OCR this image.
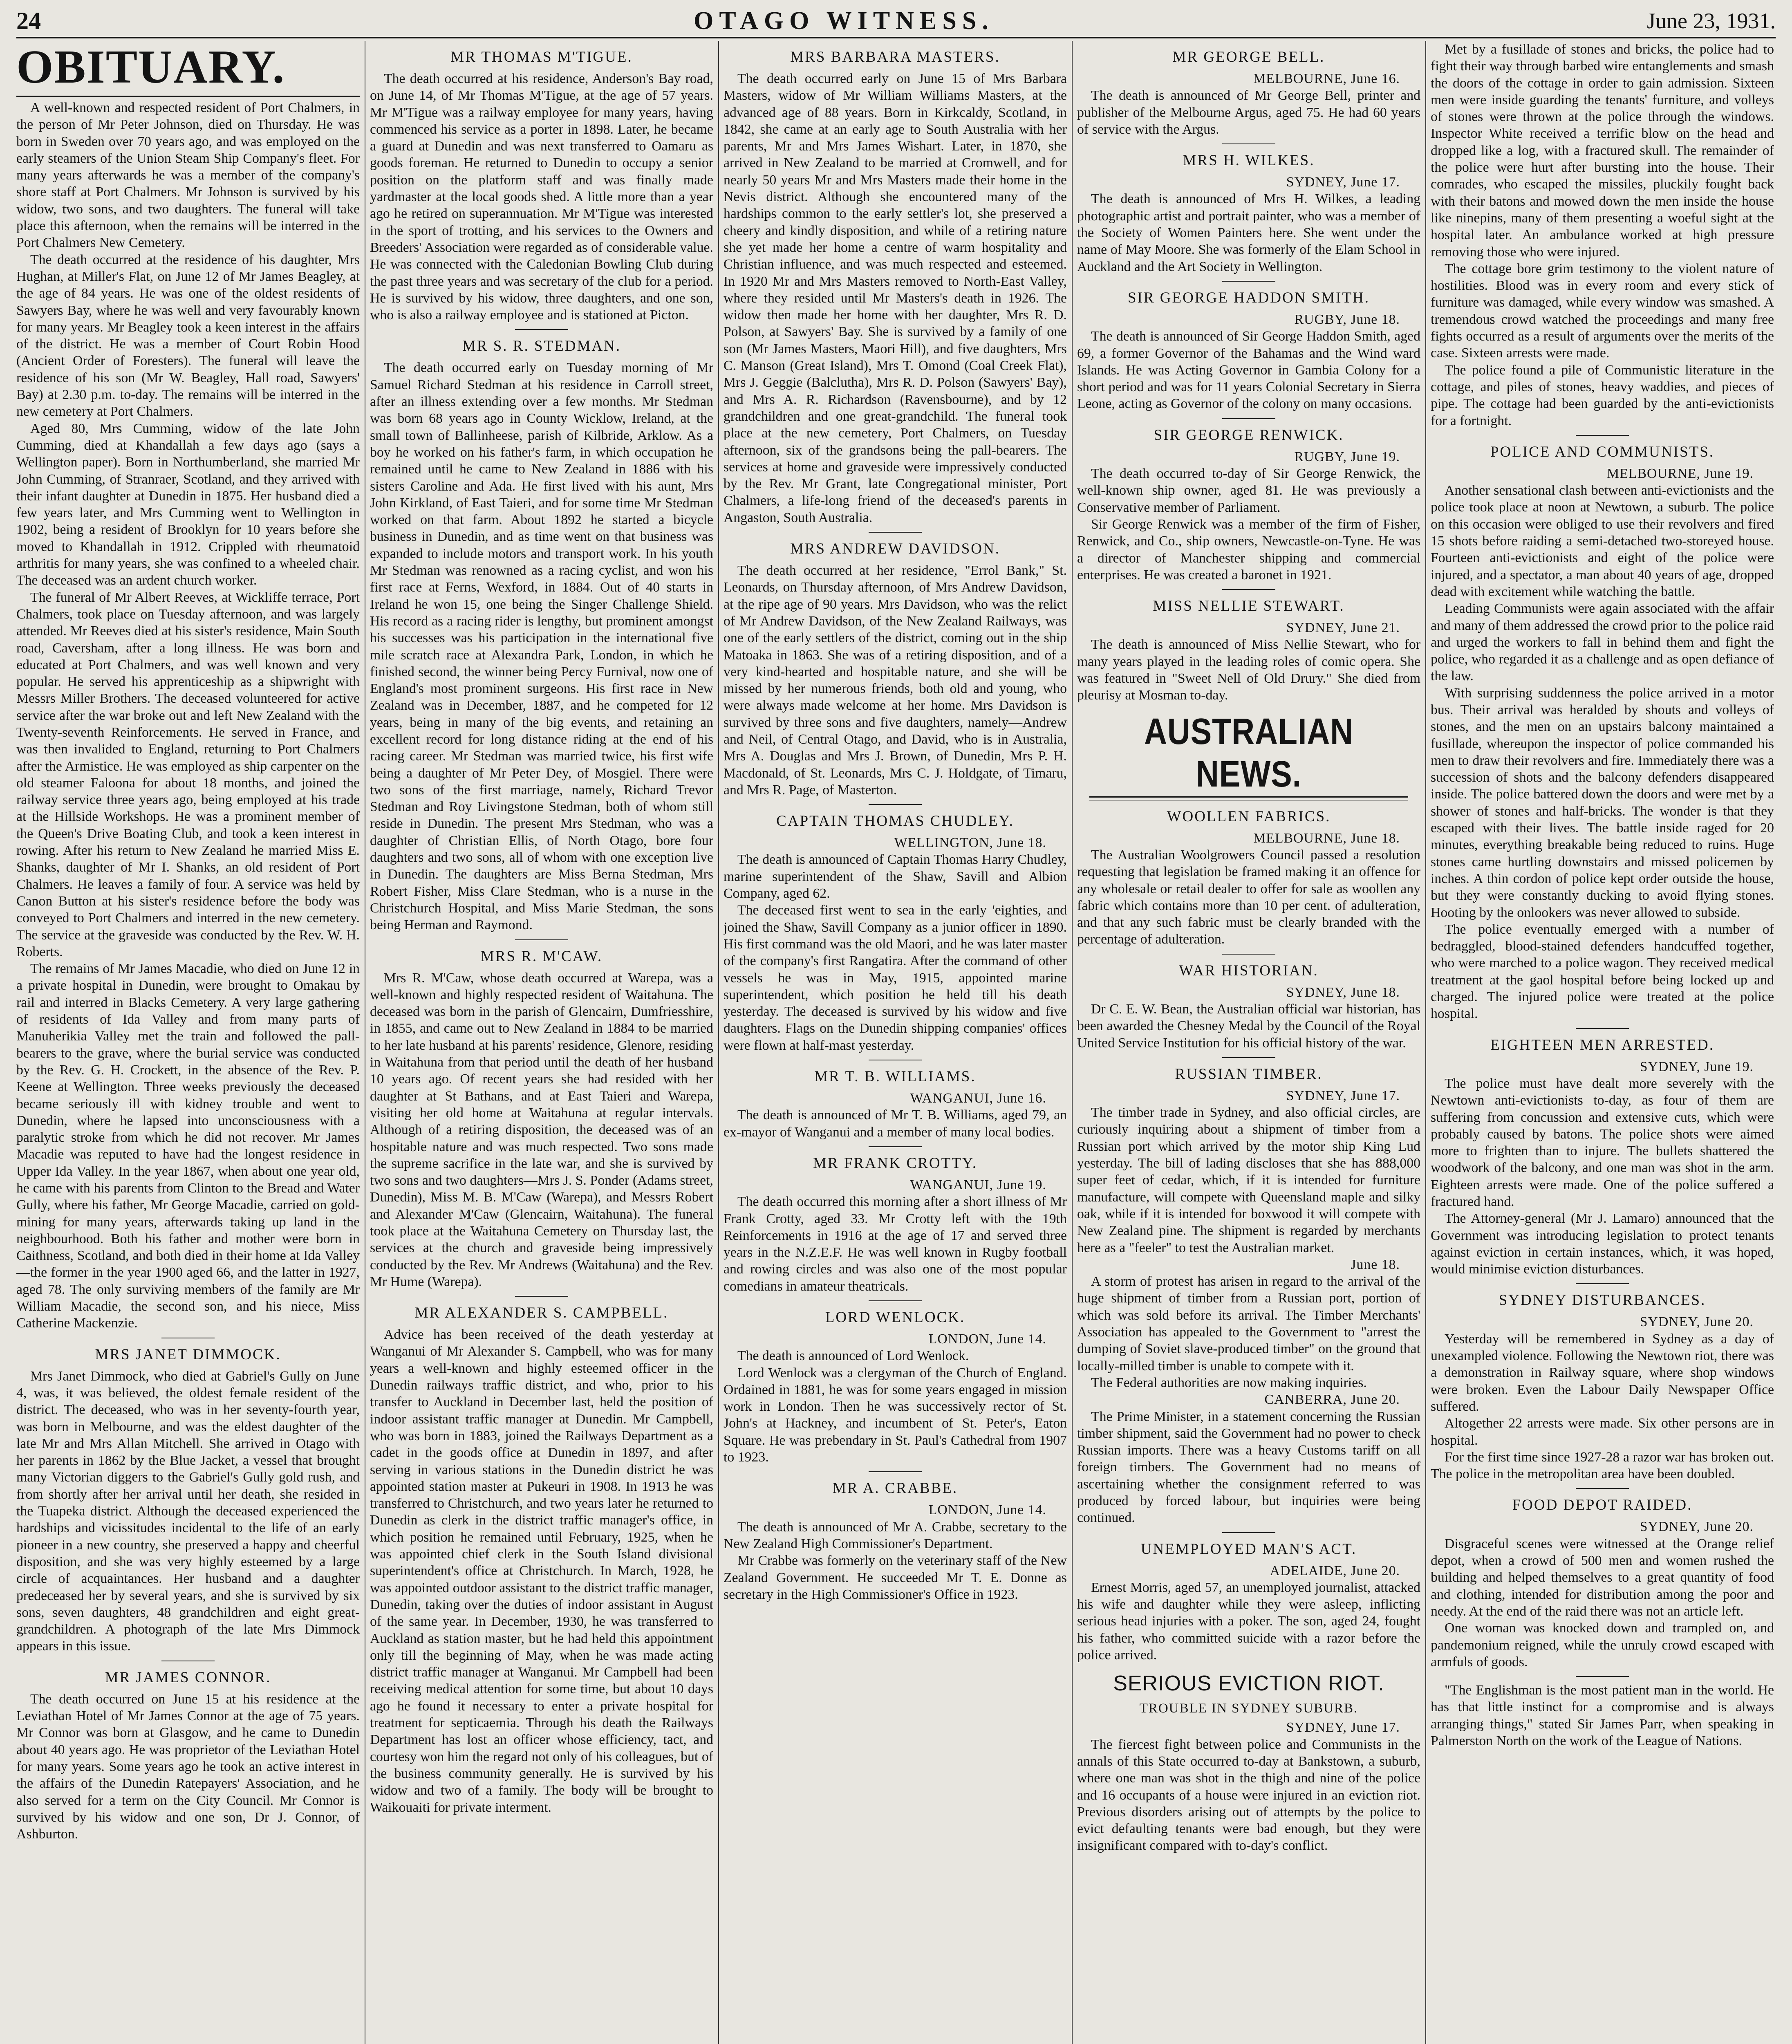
24	OTAGO WITNESS.	June 23, 1931.
OBITUARY.

A well-known and respected resident of Port Chalmers, in the person of Mr Peter Johnson, died on Thursday. He was born in Sweden over 70 years ago, and was employed on the early steamers of the Union Steam Ship Company's fleet. For many years afterwards he was a member of the company's shore staff at Port Chalmers. Mr Johnson is survived by his widow, two sons, and two daughters. The funeral will take place this afternoon, when the remains will be interred in the Port Chalmers New Cemetery.

The death occurred at the residence of his daughter, Mrs Hughan, at Miller's Flat, on June 12 of Mr James Beagley, at the age of 84 years. He was one of the oldest residents of Sawyers Bay, where he was well and very favourably known for many years. Mr Beagley took a keen interest in the affairs of the district. He was a member of Court Robin Hood (Ancient Order of Foresters). The funeral will leave the residence of his son (Mr W. Beagley, Hall road, Sawyers' Bay) at 2.30 p.m. to-day. The remains will be interred in the new cemetery at Port Chalmers.

Aged 80, Mrs Cumming, widow of the late John Cumming, died at Khandallah a few days ago (says a Wellington paper). Born in Northumberland, she married Mr John Cumming, of Stranraer, Scotland, and they arrived with their infant daughter at Dunedin in 1875. Her husband died a few years later, and Mrs Cumming went to Wellington in 1902, being a resident of Brooklyn for 10 years before she moved to Khandallah in 1912. Crippled with rheumatoid arthritis for many years, she was confined to a wheeled chair. The deceased was an ardent church worker.

The funeral of Mr Albert Reeves, at Wickliffe terrace, Port Chalmers, took place on Tuesday afternoon, and was largely attended. Mr Reeves died at his sister's residence, Main South road, Caversham, after a long illness. He was born and educated at Port Chalmers, and was well known and very popular. He served his apprenticeship as a shipwright with Messrs Miller Brothers. The deceased volunteered for active service after the war broke out and left New Zealand with the Twenty-seventh Reinforcements. He served in France, and was then invalided to England, returning to Port Chalmers after the Armistice. He was employed as ship carpenter on the old steamer Faloona for about 18 months, and joined the railway service three years ago, being employed at his trade at the Hillside Workshops. He was a prominent member of the Queen's Drive Boating Club, and took a keen interest in rowing. After his return to New Zealand he married Miss E. Shanks, daughter of Mr I. Shanks, an old resident of Port Chalmers. He leaves a family of four. A service was held by Canon Button at his sister's residence before the body was conveyed to Port Chalmers and interred in the new cemetery. The service at the graveside was conducted by the Rev. W. H. Roberts.

The remains of Mr James Macadie, who died on June 12 in a private hospital in Dunedin, were brought to Omakau by rail and interred in Blacks Cemetery. A very large gathering of residents of Ida Valley and from many parts of Manuherikia Valley met the train and followed the pall-bearers to the grave, where the burial service was conducted by the Rev. G. H. Crockett, in the absence of the Rev. P. Keene at Wellington. Three weeks previously the deceased became seriously ill with kidney trouble and went to Dunedin, where he lapsed into unconsciousness with a paralytic stroke from which he did not recover. Mr James Macadie was reputed to have had the longest residence in Upper Ida Valley. In the year 1867, when about one year old, he came with his parents from Clinton to the Bread and Water Gully, where his father, Mr George Macadie, carried on gold-mining for many years, afterwards taking up land in the neighbourhood. Both his father and mother were born in Caithness, Scotland, and both died in their home at Ida Valley—the former in the year 1900 aged 66, and the latter in 1927, aged 78. The only surviving members of the family are Mr William Macadie, the second son, and his niece, Miss Catherine Mackenzie.

MRS JANET DIMMOCK.

Mrs Janet Dimmock, who died at Gabriel's Gully on June 4, was, it was believed, the oldest female resident of the district. The deceased, who was in her seventy-fourth year, was born in Melbourne, and was the eldest daughter of the late Mr and Mrs Allan Mitchell. She arrived in Otago with her parents in 1862 by the Blue Jacket, a vessel that brought many Victorian diggers to the Gabriel's Gully gold rush, and from shortly after her arrival until her death, she resided in the Tuapeka district. Although the deceased experienced the hardships and vicissitudes incidental to the life of an early pioneer in a new country, she preserved a happy and cheerful disposition, and she was very highly esteemed by a large circle of acquaintances. Her husband and a daughter predeceased her by several years, and she is survived by six sons, seven daughters, 48 grandchildren and eight great-grandchildren. A photograph of the late Mrs Dimmock appears in this issue.

MR JAMES CONNOR.

The death occurred on June 15 at his residence at the Leviathan Hotel of Mr James Connor at the age of 75 years. Mr Connor was born at Glasgow, and he came to Dunedin about 40 years ago. He was proprietor of the Leviathan Hotel for many years. Some years ago he took an active interest in the affairs of the Dunedin Ratepayers' Association, and he also served for a term on the City Council. Mr Connor is survived by his widow and one son, Dr J. Connor, of Ashburton.

MR THOMAS M'TIGUE.

The death occurred at his residence, Anderson's Bay road, on June 14, of Mr Thomas M'Tigue, at the age of 57 years. Mr M'Tigue was a railway employee for many years, having commenced his service as a porter in 1898. Later, he became a guard at Dunedin and was next transferred to Oamaru as goods foreman. He returned to Dunedin to occupy a senior position on the platform staff and was finally made yardmaster at the local goods shed. A little more than a year ago he retired on superannuation. Mr M'Tigue was interested in the sport of trotting, and his services to the Owners and Breeders' Association were regarded as of considerable value. He was connected with the Caledonian Bowling Club during the past three years and was secretary of the club for a period. He is survived by his widow, three daughters, and one son, who is also a railway employee and is stationed at Picton.

MR S. R. STEDMAN.

The death occurred early on Tuesday morning of Mr Samuel Richard Stedman at his residence in Carroll street, after an illness extending over a few months. Mr Stedman was born 68 years ago in County Wicklow, Ireland, at the small town of Ballinheese, parish of Kilbride, Arklow. As a boy he worked on his father's farm, in which occupation he remained until he came to New Zealand in 1886 with his sisters Caroline and Ada. He first lived with his aunt, Mrs John Kirkland, of East Taieri, and for some time Mr Stedman worked on that farm. About 1892 he started a bicycle business in Dunedin, and as time went on that business was expanded to include motors and transport work. In his youth Mr Stedman was renowned as a racing cyclist, and won his first race at Ferns, Wexford, in 1884. Out of 40 starts in Ireland he won 15, one being the Singer Challenge Shield. His record as a racing rider is lengthy, but prominent amongst his successes was his participation in the international five mile scratch race at Alexandra Park, London, in which he finished second, the winner being Percy Furnival, now one of England's most prominent surgeons. His first race in New Zealand was in December, 1887, and he competed for 12 years, being in many of the big events, and retaining an excellent record for long distance riding at the end of his racing career. Mr Stedman was married twice, his first wife being a daughter of Mr Peter Dey, of Mosgiel. There were two sons of the first marriage, namely, Richard Trevor Stedman and Roy Livingstone Stedman, both of whom still reside in Dunedin. The present Mrs Stedman, who was a daughter of Christian Ellis, of North Otago, bore four daughters and two sons, all of whom with one exception live in Dunedin. The daughters are Miss Berna Stedman, Mrs Robert Fisher, Miss Clare Stedman, who is a nurse in the Christchurch Hospital, and Miss Marie Stedman, the sons being Herman and Raymond.

MRS R. M'CAW.

Mrs R. M'Caw, whose death occurred at Warepa, was a well-known and highly respected resident of Waitahuna. The deceased was born in the parish of Glencairn, Dumfriesshire, in 1855, and came out to New Zealand in 1884 to be married to her late husband at his parents' residence, Glenore, residing in Waitahuna from that period until the death of her husband 10 years ago. Of recent years she had resided with her daughter at St Bathans, and at East Taieri and Warepa, visiting her old home at Waitahuna at regular intervals. Although of a retiring disposition, the deceased was of an hospitable nature and was much respected. Two sons made the supreme sacrifice in the late war, and she is survived by two sons and two daughters—Mrs J. S. Ponder (Adams street, Dunedin), Miss M. B. M'Caw (Warepa), and Messrs Robert and Alexander M'Caw (Glencairn, Waitahuna). The funeral took place at the Waitahuna Cemetery on Thursday last, the services at the church and graveside being impressively conducted by the Rev. Mr Andrews (Waitahuna) and the Rev. Mr Hume (Warepa).

MR ALEXANDER S. CAMPBELL.

Advice has been received of the death yesterday at Wanganui of Mr Alexander S. Campbell, who was for many years a well-known and highly esteemed officer in the Dunedin railways traffic district, and who, prior to his transfer to Auckland in December last, held the position of indoor assistant traffic manager at Dunedin. Mr Campbell, who was born in 1883, joined the Railways Department as a cadet in the goods office at Dunedin in 1897, and after serving in various stations in the Dunedin district he was appointed station master at Pukeuri in 1908. In 1913 he was transferred to Christchurch, and two years later he returned to Dunedin as clerk in the district traffic manager's office, in which position he remained until February, 1925, when he was appointed chief clerk in the South Island divisional superintendent's office at Christchurch. In March, 1928, he was appointed outdoor assistant to the district traffic manager, Dunedin, taking over the duties of indoor assistant in August of the same year. In December, 1930, he was transferred to Auckland as station master, but he had held this appointment only till the beginning of May, when he was made acting district traffic manager at Wanganui. Mr Campbell had been receiving medical attention for some time, but about 10 days ago he found it necessary to enter a private hospital for treatment for septicaemia. Through his death the Railways Department has lost an officer whose efficiency, tact, and courtesy won him the regard not only of his colleagues, but of the business community generally. He is survived by his widow and two of a family. The body will be brought to Waikouaiti for private interment.

MRS BARBARA MASTERS.

The death occurred early on June 15 of Mrs Barbara Masters, widow of Mr William Williams Masters, at the advanced age of 88 years. Born in Kirkcaldy, Scotland, in 1842, she came at an early age to South Australia with her parents, Mr and Mrs James Wishart. Later, in 1870, she arrived in New Zealand to be married at Cromwell, and for nearly 50 years Mr and Mrs Masters made their home in the Nevis district. Although she encountered many of the hardships common to the early settler's lot, she preserved a cheery and kindly disposition, and while of a retiring nature she yet made her home a centre of warm hospitality and Christian influence, and was much respected and esteemed. In 1920 Mr and Mrs Masters removed to North-East Valley, where they resided until Mr Masters's death in 1926. The widow then made her home with her daughter, Mrs R. D. Polson, at Sawyers' Bay. She is survived by a family of one son (Mr James Masters, Maori Hill), and five daughters, Mrs C. Manson (Great Island), Mrs T. Omond (Coal Creek Flat), Mrs J. Geggie (Balclutha), Mrs R. D. Polson (Sawyers' Bay), and Mrs A. R. Richardson (Ravensbourne), and by 12 grandchildren and one great-grandchild. The funeral took place at the new cemetery, Port Chalmers, on Tuesday afternoon, six of the grandsons being the pall-bearers. The services at home and graveside were impressively conducted by the Rev. Mr Grant, late Congregational minister, Port Chalmers, a life-long friend of the deceased's parents in Angaston, South Australia.

MRS ANDREW DAVIDSON.

The death occurred at her residence, "Errol Bank," St. Leonards, on Thursday afternoon, of Mrs Andrew Davidson, at the ripe age of 90 years. Mrs Davidson, who was the relict of Mr Andrew Davidson, of the New Zealand Railways, was one of the early settlers of the district, coming out in the ship Matoaka in 1863. She was of a retiring disposition, and of a very kind-hearted and hospitable nature, and she will be missed by her numerous friends, both old and young, who were always made welcome at her home. Mrs Davidson is survived by three sons and five daughters, namely—Andrew and Neil, of Central Otago, and David, who is in Australia, Mrs A. Douglas and Mrs J. Brown, of Dunedin, Mrs P. H. Macdonald, of St. Leonards, Mrs C. J. Holdgate, of Timaru, and Mrs R. Page, of Masterton.

CAPTAIN THOMAS CHUDLEY.

WELLINGTON, June 18.

The death is announced of Captain Thomas Harry Chudley, marine superintendent of the Shaw, Savill and Albion Company, aged 62.

The deceased first went to sea in the early 'eighties, and joined the Shaw, Savill Company as a junior officer in 1890. His first command was the old Maori, and he was later master of the company's first Rangatira. After the command of other vessels he was in May, 1915, appointed marine superintendent, which position he held till his death yesterday. The deceased is survived by his widow and five daughters. Flags on the Dunedin shipping companies' offices were flown at half-mast yesterday.

MR T. B. WILLIAMS.

WANGANUI, June 16.

The death is announced of Mr T. B. Williams, aged 79, an ex-mayor of Wanganui and a member of many local bodies.

MR FRANK CROTTY.

WANGANUI, June 19.

The death occurred this morning after a short illness of Mr Frank Crotty, aged 33. Mr Crotty left with the 19th Reinforcements in 1916 at the age of 17 and served three years in the N.Z.E.F. He was well known in Rugby football and rowing circles and was also one of the most popular comedians in amateur theatricals.

LORD WENLOCK.

LONDON, June 14.

The death is announced of Lord Wenlock.

Lord Wenlock was a clergyman of the Church of England. Ordained in 1881, he was for some years engaged in mission work in London. Then he was successively rector of St. John's at Hackney, and incumbent of St. Peter's, Eaton Square. He was prebendary in St. Paul's Cathedral from 1907 to 1923.

MR A. CRABBE.

LONDON, June 14.

The death is announced of Mr A. Crabbe, secretary to the New Zealand High Commissioner's Department.

Mr Crabbe was formerly on the veterinary staff of the New Zealand Government. He succeeded Mr T. E. Donne as secretary in the High Commissioner's Office in 1923.

MR GEORGE BELL.

MELBOURNE, June 16.

The death is announced of Mr George Bell, printer and publisher of the Melbourne Argus, aged 75. He had 60 years of service with the Argus.

MRS H. WILKES.

SYDNEY, June 17.

The death is announced of Mrs H. Wilkes, a leading photographic artist and portrait painter, who was a member of the Society of Women Painters here. She went under the name of May Moore. She was formerly of the Elam School in Auckland and the Art Society in Wellington.

SIR GEORGE HADDON SMITH.

RUGBY, June 18.

The death is announced of Sir George Haddon Smith, aged 69, a former Governor of the Bahamas and the Wind ward Islands. He was Acting Governor in Gambia Colony for a short period and was for 11 years Colonial Secretary in Sierra Leone, acting as Governor of the colony on many occasions.

SIR GEORGE RENWICK.

RUGBY, June 19.

The death occurred to-day of Sir George Renwick, the well-known ship owner, aged 81. He was previously a Conservative member of Parliament.

Sir George Renwick was a member of the firm of Fisher, Renwick, and Co., ship owners, Newcastle-on-Tyne. He was a director of Manchester shipping and commercial enterprises. He was created a baronet in 1921.

MISS NELLIE STEWART.

SYDNEY, June 21.

The death is announced of Miss Nellie Stewart, who for many years played in the leading roles of comic opera. She was featured in "Sweet Nell of Old Drury." She died from pleurisy at Mosman to-day.

AUSTRALIAN NEWS.
WOOLLEN FABRICS.

MELBOURNE, June 18.

The Australian Woolgrowers Council passed a resolution requesting that legislation be framed making it an offence for any wholesale or retail dealer to offer for sale as woollen any fabric which contains more than 10 per cent. of adulteration, and that any such fabric must be clearly branded with the percentage of adulteration.

WAR HISTORIAN.

SYDNEY, June 18.

Dr C. E. W. Bean, the Australian official war historian, has been awarded the Chesney Medal by the Council of the Royal United Service Institution for his official history of the war.

RUSSIAN TIMBER.

SYDNEY, June 17.

The timber trade in Sydney, and also official circles, are curiously inquiring about a shipment of timber from a Russian port which arrived by the motor ship King Lud yesterday. The bill of lading discloses that she has 888,000 super feet of cedar, which, if it is intended for furniture manufacture, will compete with Queensland maple and silky oak, while if it is intended for boxwood it will compete with New Zealand pine. The shipment is regarded by merchants here as a "feeler" to test the Australian market.

June 18.

A storm of protest has arisen in regard to the arrival of the huge shipment of timber from a Russian port, portion of which was sold before its arrival. The Timber Merchants' Association has appealed to the Government to "arrest the dumping of Soviet slave-produced timber" on the ground that locally-milled timber is unable to compete with it.

The Federal authorities are now making inquiries.

CANBERRA, June 20.

The Prime Minister, in a statement concerning the Russian timber shipment, said the Government had no power to check Russian imports. There was a heavy Customs tariff on all foreign timbers. The Government had no means of ascertaining whether the consignment referred to was produced by forced labour, but inquiries were being continued.

UNEMPLOYED MAN'S ACT.

ADELAIDE, June 20.

Ernest Morris, aged 57, an unemployed journalist, attacked his wife and daughter while they were asleep, inflicting serious head injuries with a poker. The son, aged 24, fought his father, who committed suicide with a razor before the police arrived.

SERIOUS EVICTION RIOT.
TROUBLE IN SYDNEY SUBURB.

SYDNEY, June 17.

The fiercest fight between police and Communists in the annals of this State occurred to-day at Bankstown, a suburb, where one man was shot in the thigh and nine of the police and 16 occupants of a house were injured in an eviction riot. Previous disorders arising out of attempts by the police to evict defaulting tenants were bad enough, but they were insignificant compared with to-day's conflict.

Met by a fusillade of stones and bricks, the police had to fight their way through barbed wire entanglements and smash the doors of the cottage in order to gain admission. Sixteen men were inside guarding the tenants' furniture, and volleys of stones were thrown at the police through the windows. Inspector White received a terrific blow on the head and dropped like a log, with a fractured skull. The remainder of the police were hurt after bursting into the house. Their comrades, who escaped the missiles, pluckily fought back with their batons and mowed down the men inside the house like ninepins, many of them presenting a woeful sight at the hospital later. An ambulance worked at high pressure removing those who were injured.

The cottage bore grim testimony to the violent nature of hostilities. Blood was in every room and every stick of furniture was damaged, while every window was smashed. A tremendous crowd watched the proceedings and many free fights occurred as a result of arguments over the merits of the case. Sixteen arrests were made.

The police found a pile of Communistic literature in the cottage, and piles of stones, heavy waddies, and pieces of pipe. The cottage had been guarded by the anti-evictionists for a fortnight.

POLICE AND COMMUNISTS.

MELBOURNE, June 19.

Another sensational clash between anti-evictionists and the police took place at noon at Newtown, a suburb. The police on this occasion were obliged to use their revolvers and fired 15 shots before raiding a semi-detached two-storeyed house. Fourteen anti-evictionists and eight of the police were injured, and a spectator, a man about 40 years of age, dropped dead with excitement while watching the battle.

Leading Communists were again associated with the affair and many of them addressed the crowd prior to the police raid and urged the workers to fall in behind them and fight the police, who regarded it as a challenge and as open defiance of the law.

With surprising suddenness the police arrived in a motor bus. Their arrival was heralded by shouts and volleys of stones, and the men on an upstairs balcony maintained a fusillade, whereupon the inspector of police commanded his men to draw their revolvers and fire. Immediately there was a succession of shots and the balcony defenders disappeared inside. The police battered down the doors and were met by a shower of stones and half-bricks. The wonder is that they escaped with their lives. The battle inside raged for 20 minutes, everything breakable being reduced to ruins. Huge stones came hurtling downstairs and missed policemen by inches. A thin cordon of police kept order outside the house, but they were constantly ducking to avoid flying stones. Hooting by the onlookers was never allowed to subside.

The police eventually emerged with a number of bedraggled, blood-stained defenders handcuffed together, who were marched to a police wagon. They received medical treatment at the gaol hospital before being locked up and charged. The injured police were treated at the police hospital.

EIGHTEEN MEN ARRESTED.

SYDNEY, June 19.

The police must have dealt more severely with the Newtown anti-evictionists to-day, as four of them are suffering from concussion and extensive cuts, which were probably caused by batons. The police shots were aimed more to frighten than to injure. The bullets shattered the woodwork of the balcony, and one man was shot in the arm. Eighteen arrests were made. One of the police suffered a fractured hand.

The Attorney-general (Mr J. Lamaro) announced that the Government was introducing legislation to protect tenants against eviction in certain instances, which, it was hoped, would minimise eviction disturbances.

SYDNEY DISTURBANCES.

SYDNEY, June 20.

Yesterday will be remembered in Sydney as a day of unexampled violence. Following the Newtown riot, there was a demonstration in Railway square, where shop windows were broken. Even the Labour Daily Newspaper Office suffered.

Altogether 22 arrests were made. Six other persons are in hospital.

For the first time since 1927-28 a razor war has broken out. The police in the metropolitan area have been doubled.

FOOD DEPOT RAIDED.

SYDNEY, June 20.

Disgraceful scenes were witnessed at the Orange relief depot, when a crowd of 500 men and women rushed the building and helped themselves to a great quantity of food and clothing, intended for distribution among the poor and needy. At the end of the raid there was not an article left.

One woman was knocked down and trampled on, and pandemonium reigned, while the unruly crowd escaped with armfuls of goods.

"The Englishman is the most patient man in the world. He has that little instinct for a compromise and is always arranging things," stated Sir James Parr, when speaking in Palmerston North on the work of the League of Nations.
